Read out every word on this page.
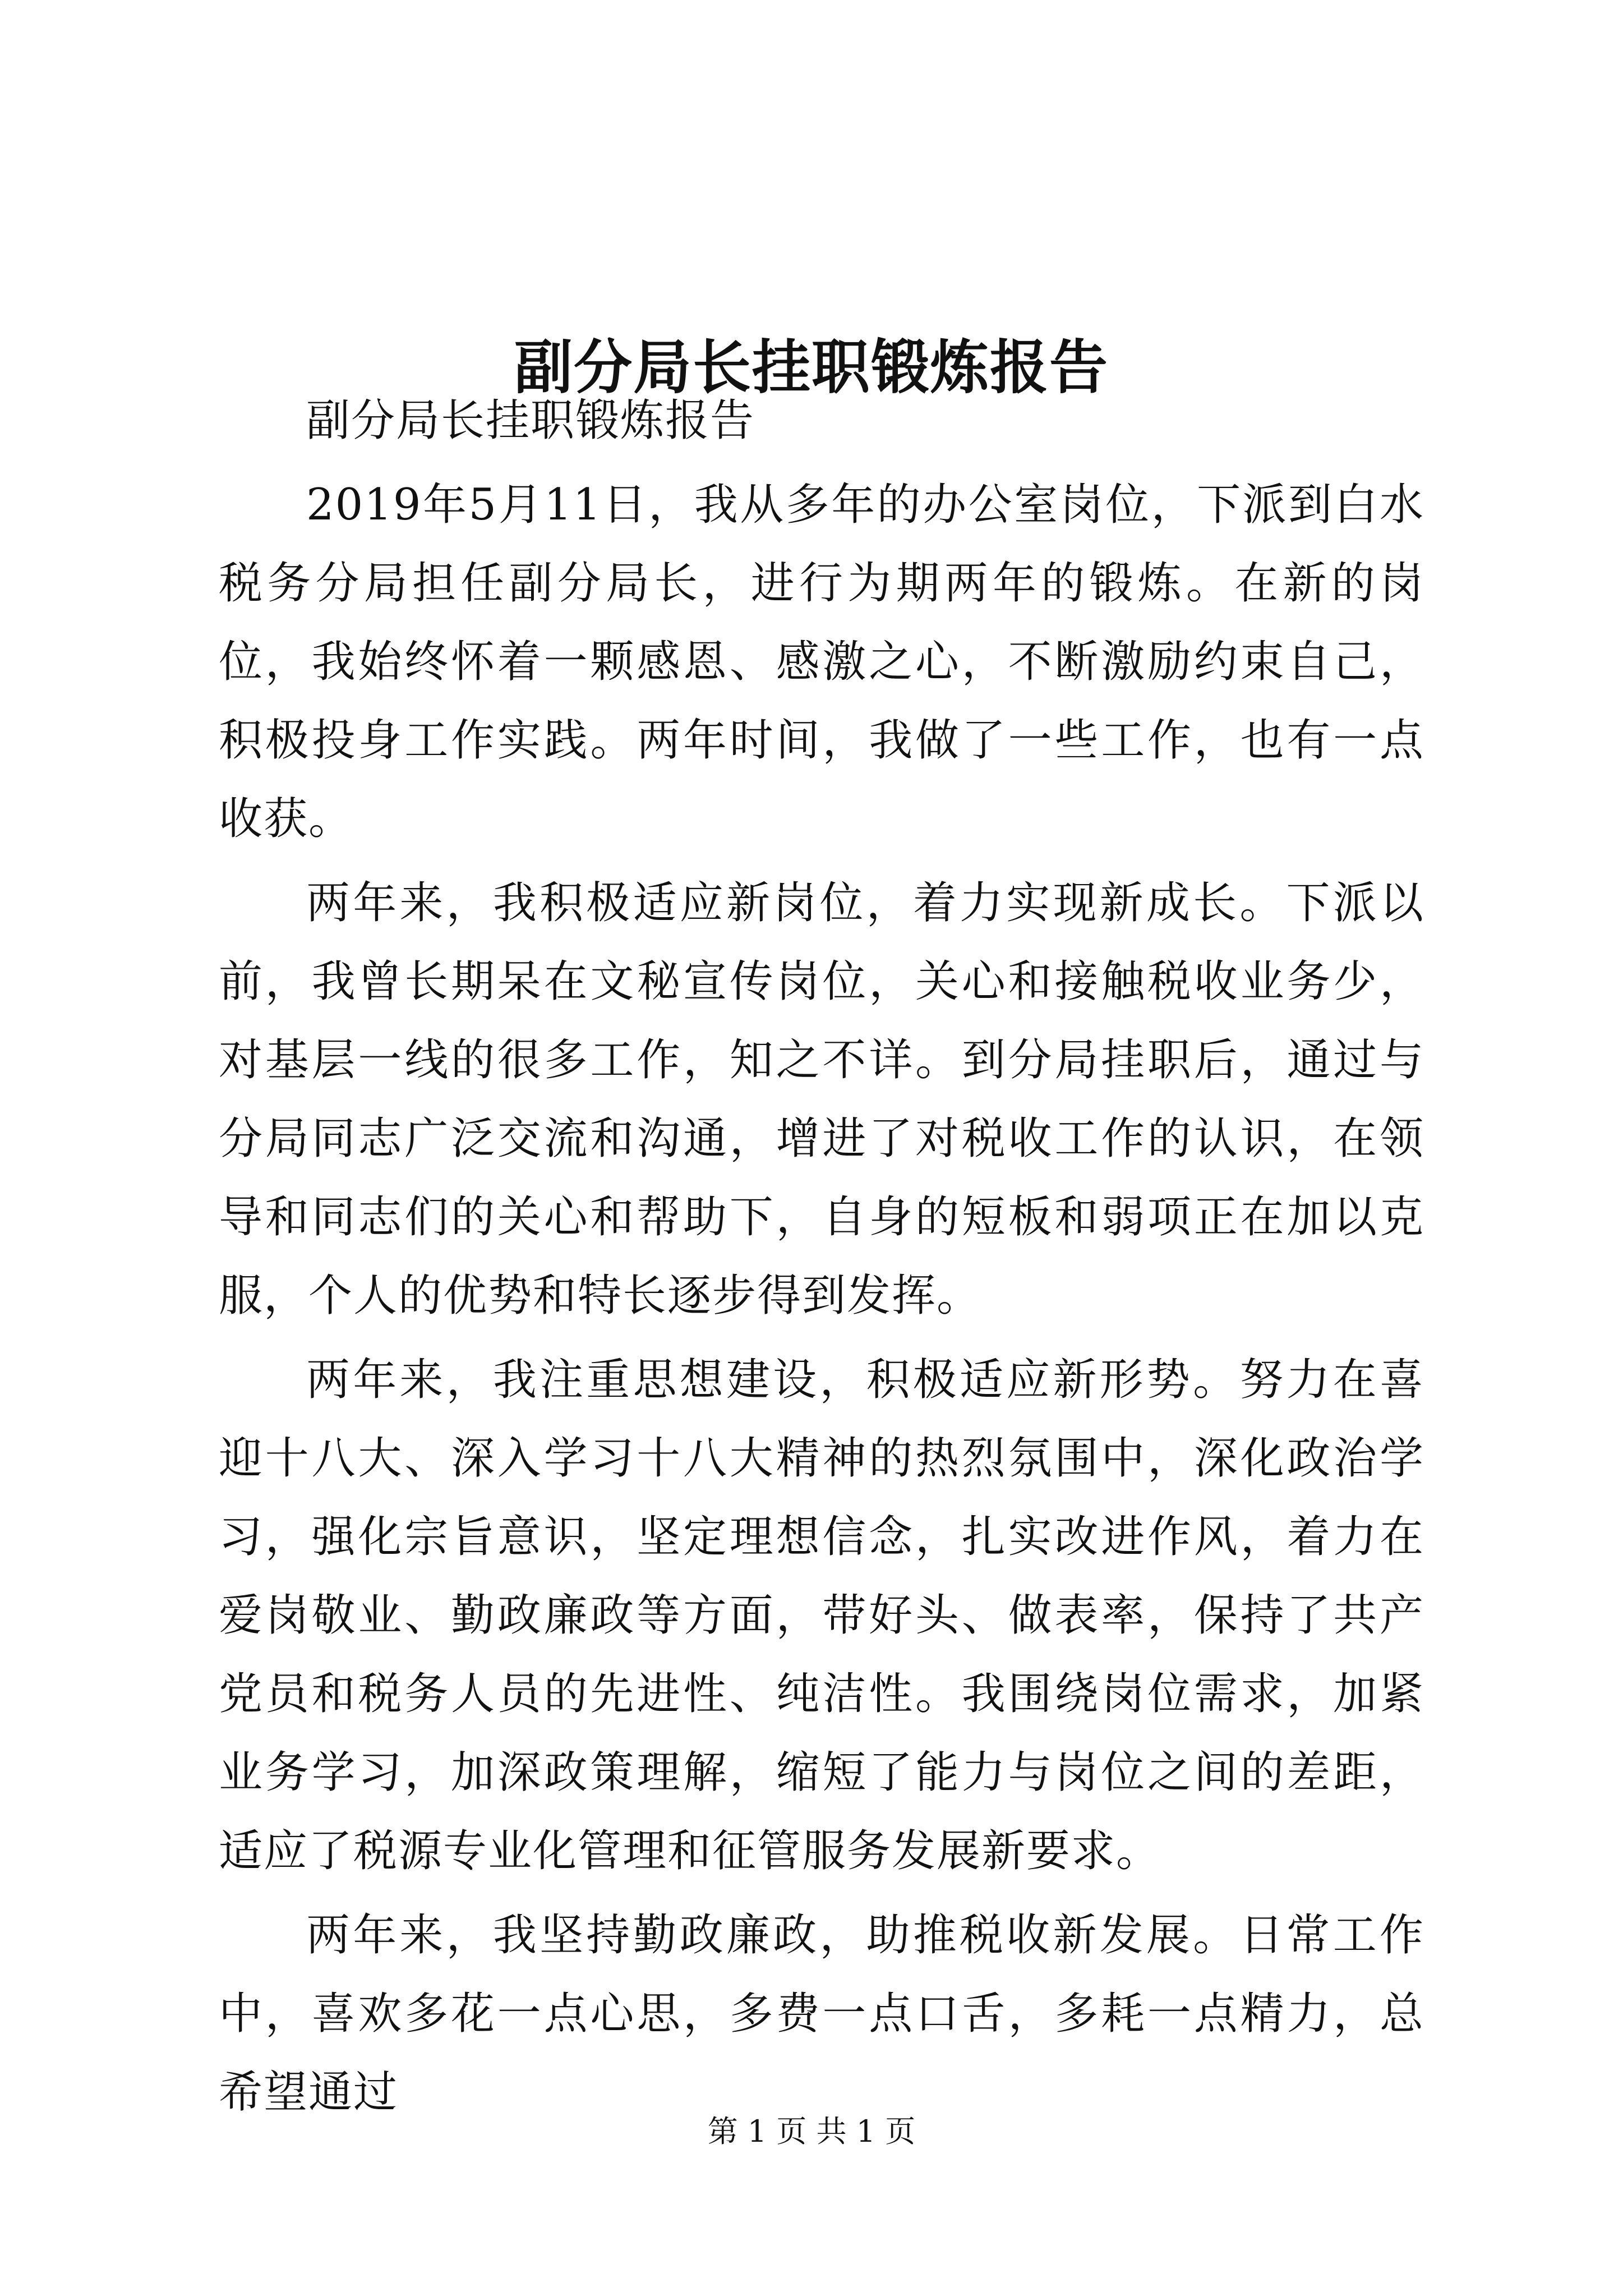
副分局长挂职锻炼报告

副分局长挂职锻炼报告

2019年5月11日，我从多年的办公室岗位，下派到白水税务分局担任副分局长，进行为期两年的锻炼。在新的岗位，我始终怀着一颗感恩、感激之心，不断激励约束自己，积极投身工作实践。两年时间，我做了一些工作，也有一点收获。

两年来，我积极适应新岗位，着力实现新成长。下派以前，我曾长期呆在文秘宣传岗位，关心和接触税收业务少，对基层一线的很多工作，知之不详。到分局挂职后，通过与分局同志广泛交流和沟通，增进了对税收工作的认识，在领导和同志们的关心和帮助下，自身的短板和弱项正在加以克服，个人的优势和特长逐步得到发挥。

两年来，我注重思想建设，积极适应新形势。努力在喜迎十八大、深入学习十八大精神的热烈氛围中，深化政治学习，强化宗旨意识，坚定理想信念，扎实改进作风，着力在爱岗敬业、勤政廉政等方面，带好头、做表率，保持了共产党员和税务人员的先进性、纯洁性。我围绕岗位需求，加紧业务学习，加深政策理解，缩短了能力与岗位之间的差距，适应了税源专业化管理和征管服务发展新要求。

两年来，我坚持勤政廉政，助推税收新发展。日常工作中，喜欢多花一点心思，多费一点口舌，多耗一点精力，总希望通过

第 1 页 共 1 页
